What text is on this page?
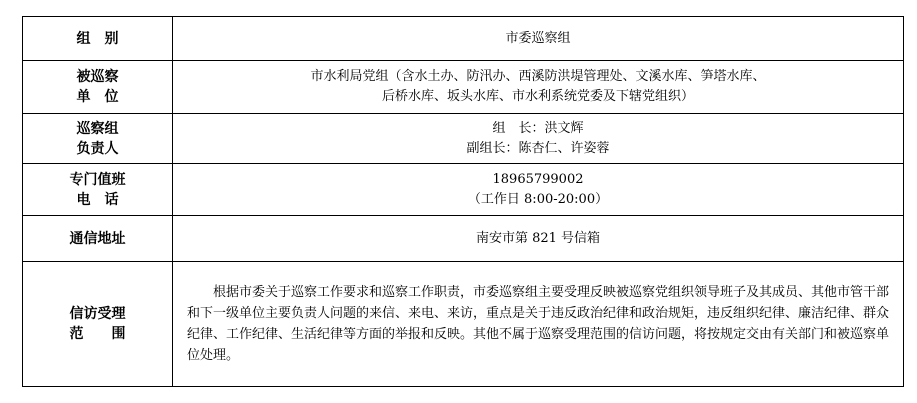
组　别	市委巡察组
被巡察
单　位
市水利局党组（含水土办、防汛办、西溪防洪堤管理处、文溪水库、笋塔水库、
后桥水库、坂头水库、市水利系统党委及下辖党组织）
巡察组
负责人
组　长：洪文辉
副组长：陈杏仁、许姿蓉
专门值班
电　话
18965799002
（工作日 8:00-20:00）
通信地址	南安市第 821 号信箱
信访受理
范　　围

根据市委关于巡察工作要求和巡察工作职责，市委巡察组主要受理反映被巡察党组织领导班子及其成员、其他市管干部和下一级单位主要负责人问题的来信、来电、来访，重点是关于违反政治纪律和政治规矩，违反组织纪律、廉洁纪律、群众纪律、工作纪律、生活纪律等方面的举报和反映。其他不属于巡察受理范围的信访问题，将按规定交由有关部门和被巡察单位处理。
